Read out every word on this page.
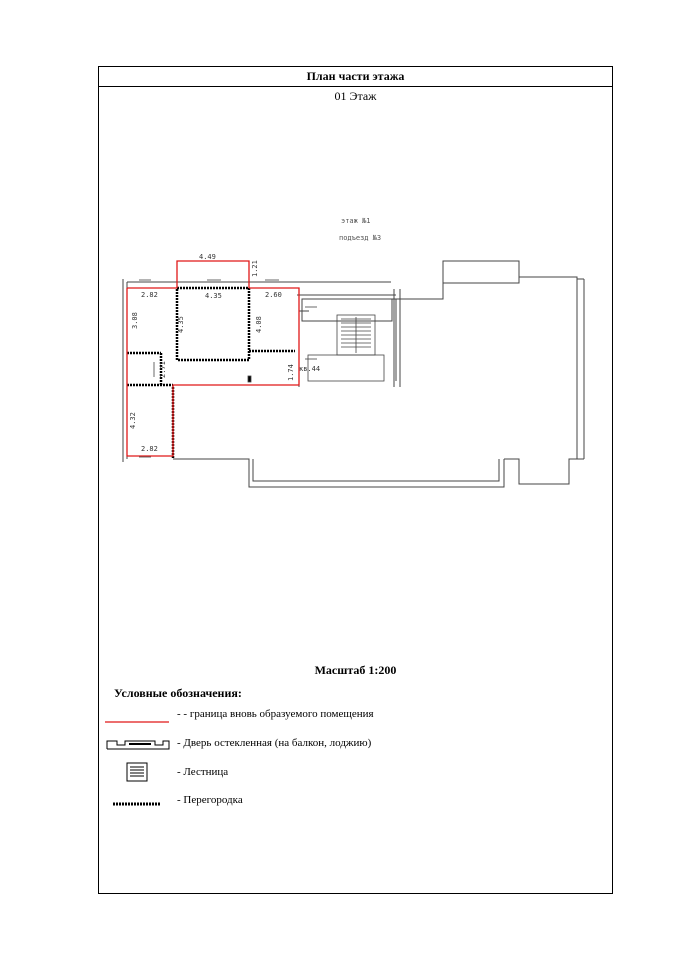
План части этажа
01 Этаж
этаж №1
подъезд №3
4.49
1.21
2.82	4.35	2.60
3.08	4.35	4.08
2.71	1.74 кв.44
4.32
2.82
Масштаб 1:200
Условные обозначения:
- - граница вновь образуемого помещения
- Дверь остекленная (на балкон, лоджию)
- Лестница
- Перегородка
